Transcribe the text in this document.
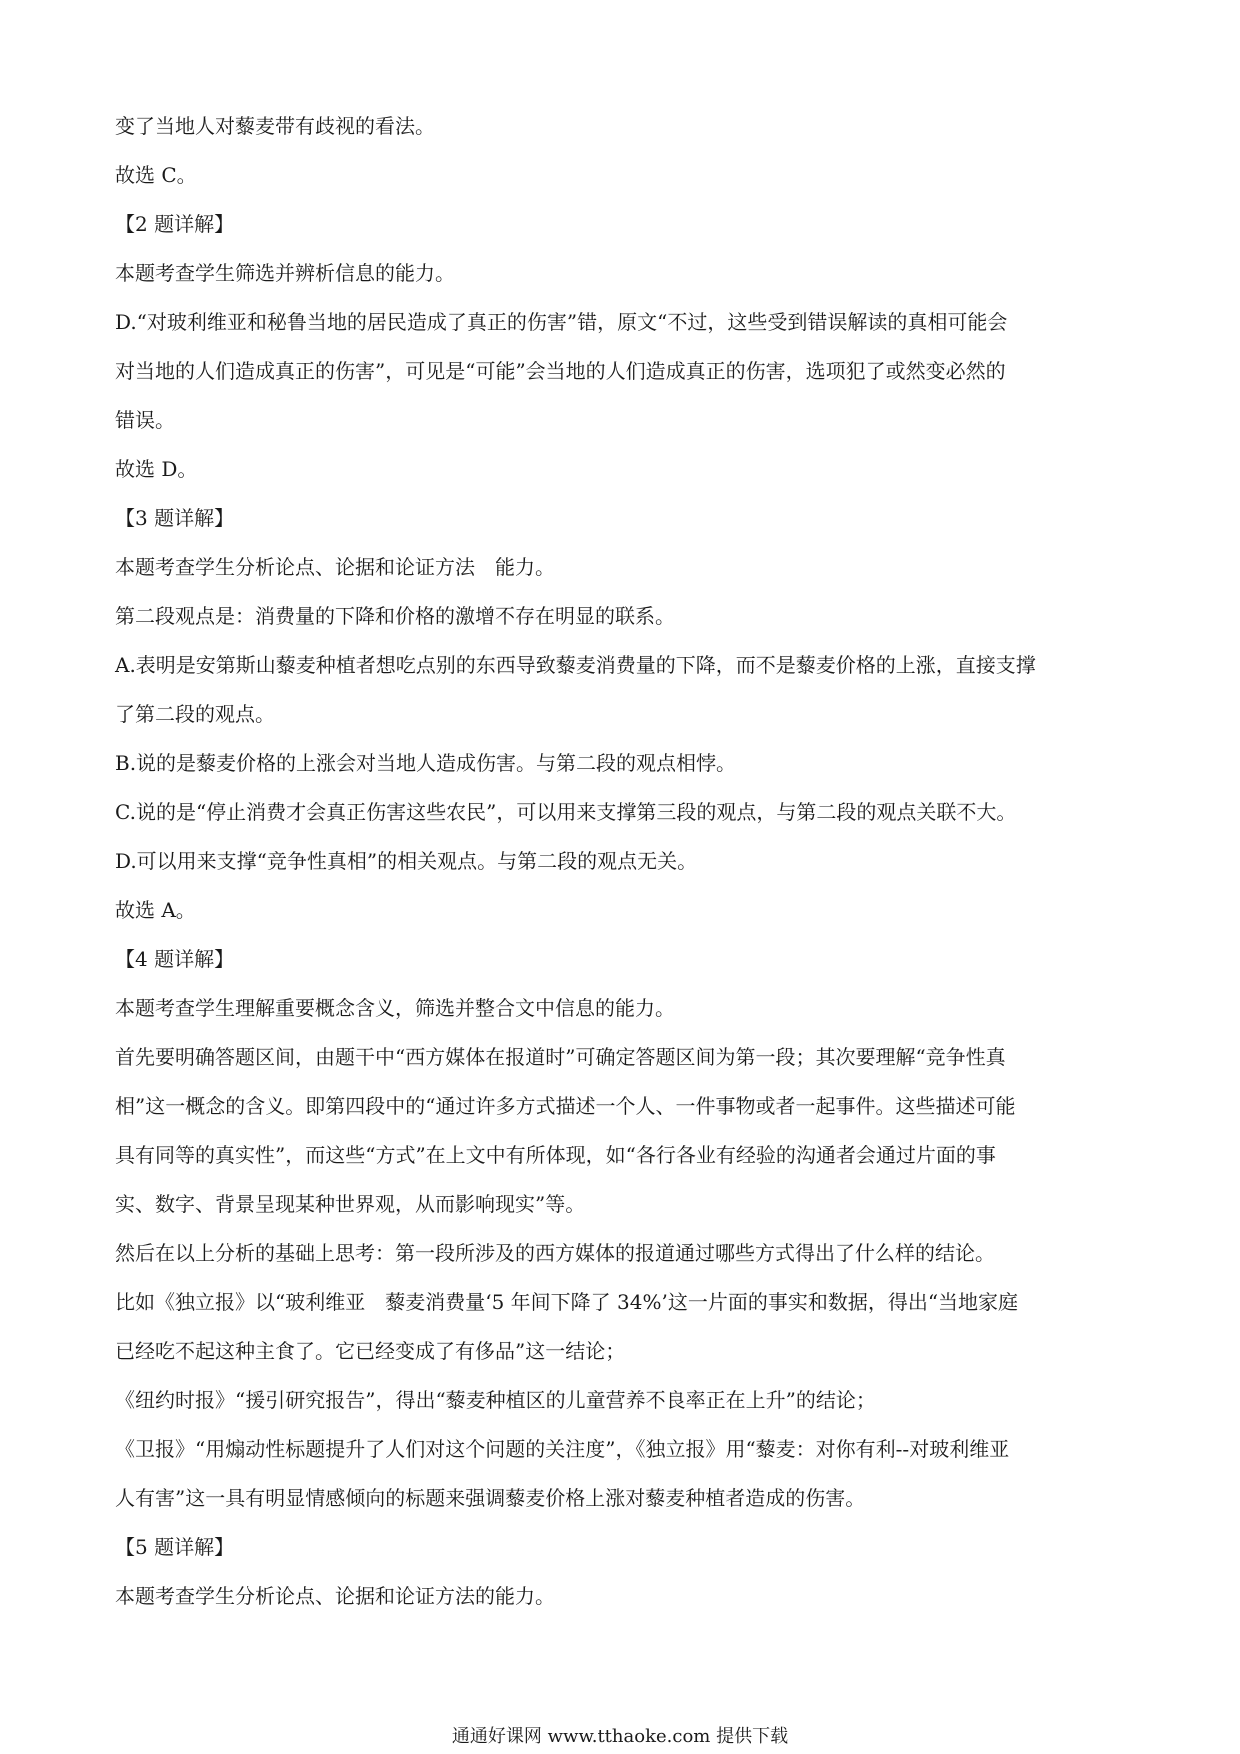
变了当地人对藜麦带有歧视的看法。

故选 C。

【2 题详解】

本题考查学生筛选并辨析信息的能力。

D.“对玻利维亚和秘鲁当地的居民造成了真正的伤害”错，原文“不过，这些受到错误解读的真相可能会

对当地的人们造成真正的伤害”，可见是“可能”会当地的人们造成真正的伤害，选项犯了或然变必然的

错误。

故选 D。

【3 题详解】

本题考查学生分析论点、论据和论证方法　能力。

第二段观点是：消费量的下降和价格的激增不存在明显的联系。

A.表明是安第斯山藜麦种植者想吃点别的东西导致藜麦消费量的下降，而不是藜麦价格的上涨，直接支撑

了第二段的观点。

B.说的是藜麦价格的上涨会对当地人造成伤害。与第二段的观点相悖。

C.说的是“停止消费才会真正伤害这些农民”，可以用来支撑第三段的观点，与第二段的观点关联不大。

D.可以用来支撑“竞争性真相”的相关观点。与第二段的观点无关。

故选 A。

【4 题详解】

本题考查学生理解重要概念含义，筛选并整合文中信息的能力。

首先要明确答题区间，由题干中“西方媒体在报道时”可确定答题区间为第一段；其次要理解“竞争性真

相”这一概念的含义。即第四段中的“通过许多方式描述一个人、一件事物或者一起事件。这些描述可能

具有同等的真实性”，而这些“方式”在上文中有所体现，如“各行各业有经验的沟通者会通过片面的事

实、数字、背景呈现某种世界观，从而影响现实”等。

然后在以上分析的基础上思考：第一段所涉及的西方媒体的报道通过哪些方式得出了什么样的结论。

比如《独立报》以“玻利维亚　藜麦消费量‘5 年间下降了 34%’这一片面的事实和数据，得出“当地家庭

已经吃不起这种主食了。它已经变成了有侈品”这一结论；

《纽约时报》“援引研究报告”，得出“藜麦种植区的儿童营养不良率正在上升”的结论；

《卫报》“用煽动性标题提升了人们对这个问题的关注度”，《独立报》用“藜麦：对你有利--对玻利维亚

人有害”这一具有明显情感倾向的标题来强调藜麦价格上涨对藜麦种植者造成的伤害。

【5 题详解】

本题考查学生分析论点、论据和论证方法的能力。

通通好课网 www.tthaoke.com 提供下载
